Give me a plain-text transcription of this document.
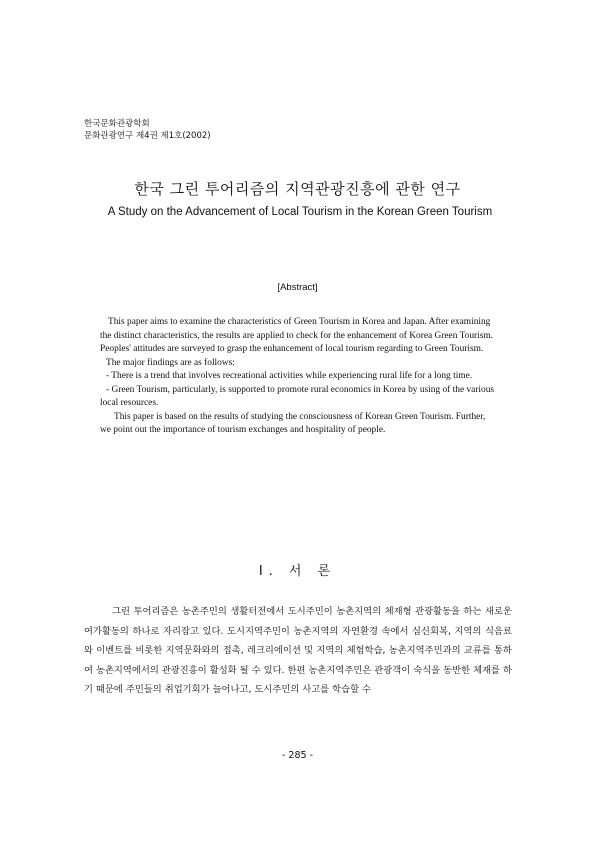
한국문화관광학회
문화관광연구 제4권 제1호(2002)
한국 그린 투어리즘의 지역관광진흥에 관한 연구
A Study on the Advancement of Local Tourism in the Korean Green Tourism
[Abstract]

This paper aims to examine the characteristics of Green Tourism in Korea and Japan. After examining the distinct characteristics, the results are applied to check for the enhancement of Korea Green Tourism. Peoples' attitudes are surveyed to grasp the enhancement of local tourism regarding to Green Tourism.

The major findings are as follows:

- There is a trend that involves recreational activities while experiencing rural life for a long time.

- Green Tourism, particularly, is supported to promote rural economics in Korea by using of the various local resources.

This paper is based on the results of studying the consciousness of Korean Green Tourism. Further, we point out the importance of tourism exchanges and hospitality of people.

Ⅰ. 서 론

그린 투어리즘은 농촌주민의 생활터전에서 도시주민이 농촌지역의 체재형 관광활동을 하는 새로운 여가활동의 하나로 자리잡고 있다. 도시지역주민이 농촌지역의 자연환경 속에서 심신회복, 지역의 식음료와 이벤트를 비롯한 지역문화와의 접촉, 레크리에이션 및 지역의 체험학습, 농촌지역주민과의 교류를 통하여 농촌지역에서의 관광진흥이 활성화 될 수 있다. 한편 농촌지역주민은 관광객이 숙식을 동반한 체재를 하기 때문에 주민들의 취업기회가 늘어나고, 도시주민의 사고를 학습할 수

- 285 -
